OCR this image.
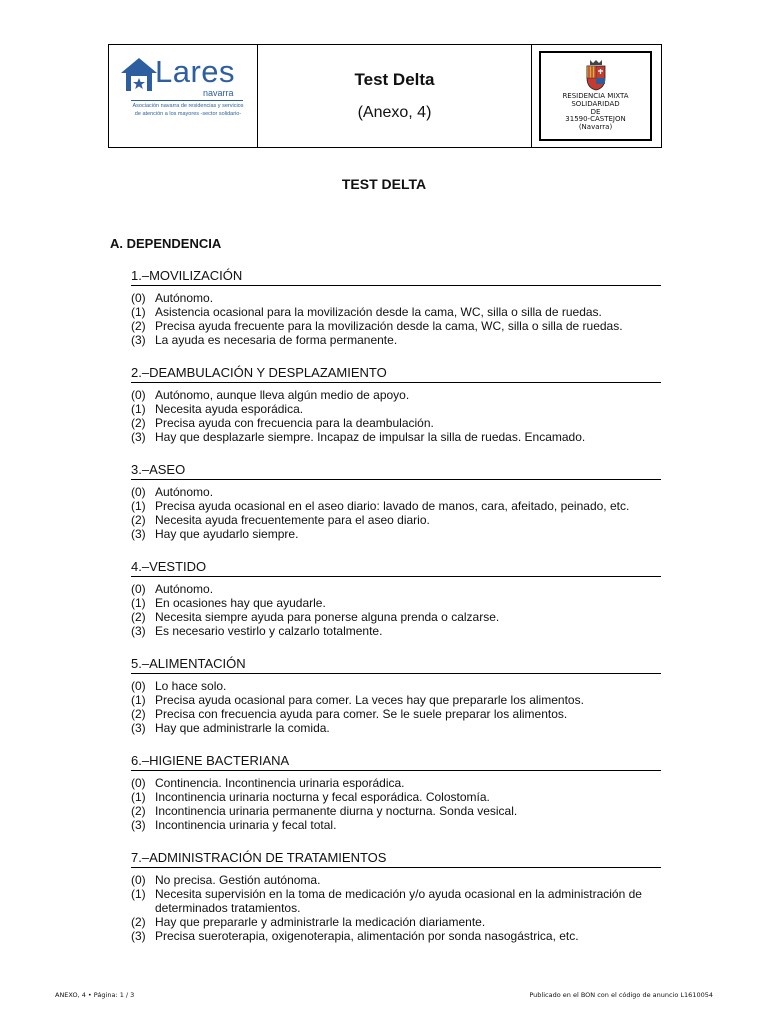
Lares
navarra
Asociación navarra de residencias y servicios
de atención a los mayores -sector solidario-
Test Delta
(Anexo, 4)
RESIDENCIA MIXTA
SOLIDARIDAD
DE
31590-CASTEJON
(Navarra)
TEST DELTA
A. DEPENDENCIA
1.–MOVILIZACIÓN
(0) Autónomo.
(1) Asistencia ocasional para la movilización desde la cama, WC, silla o silla de ruedas.
(2) Precisa ayuda frecuente para la movilización desde la cama, WC, silla o silla de ruedas.
(3) La ayuda es necesaria de forma permanente.
2.–DEAMBULACIÓN Y DESPLAZAMIENTO
(0) Autónomo, aunque lleva algún medio de apoyo.
(1) Necesita ayuda esporádica.
(2) Precisa ayuda con frecuencia para la deambulación.
(3) Hay que desplazarle siempre. Incapaz de impulsar la silla de ruedas. Encamado.
3.–ASEO
(0) Autónomo.
(1) Precisa ayuda ocasional en el aseo diario: lavado de manos, cara, afeitado, peinado, etc.
(2) Necesita ayuda frecuentemente para el aseo diario.
(3) Hay que ayudarlo siempre.
4.–VESTIDO
(0) Autónomo.
(1) En ocasiones hay que ayudarle.
(2) Necesita siempre ayuda para ponerse alguna prenda o calzarse.
(3) Es necesario vestirlo y calzarlo totalmente.
5.–ALIMENTACIÓN
(0) Lo hace solo.
(1) Precisa ayuda ocasional para comer. La veces hay que prepararle los alimentos.
(2) Precisa con frecuencia ayuda para comer. Se le suele preparar los alimentos.
(3) Hay que administrarle la comida.
6.–HIGIENE BACTERIANA
(0) Continencia. Incontinencia urinaria esporádica.
(1) Incontinencia urinaria nocturna y fecal esporádica. Colostomía.
(2) Incontinencia urinaria permanente diurna y nocturna. Sonda vesical.
(3) Incontinencia urinaria y fecal total.
7.–ADMINISTRACIÓN DE TRATAMIENTOS
(0) No precisa. Gestión autónoma.
(1) Necesita supervisión en la toma de medicación y/o ayuda ocasional en la administración de determinados tratamientos.
(2) Hay que prepararle y administrarle la medicación diariamente.
(3) Precisa sueroterapia, oxigenoterapia, alimentación por sonda nasogástrica, etc.
ANEXO, 4 • Página: 1 / 3	Publicado en el BON con el código de anuncio L1610054
